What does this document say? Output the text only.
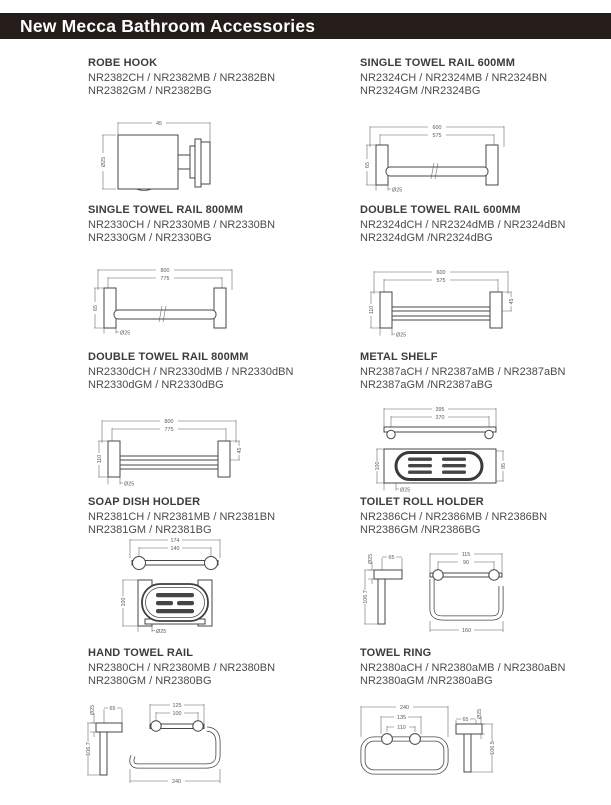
New Mecca Bathroom Accessories
ROBE HOOK
NR2382CH / NR2382MB / NR2382BN
NR2382GM / NR2382BG
45
Ø25
SINGLE TOWEL RAIL 600MM
NR2324CH / NR2324MB / NR2324BN
NR2324GM /NR2324BG
600
575
65
Ø25
SINGLE TOWEL RAIL 800MM
NR2330CH / NR2330MB / NR2330BN
NR2330GM / NR2330BG
800
775
65
Ø25
DOUBLE TOWEL RAIL 600MM
NR2324dCH / NR2324dMB / NR2324dBN
NR2324dGM /NR2324dBG
600
575
45
110
Ø25
DOUBLE TOWEL RAIL 800MM
NR2330dCH / NR2330dMB / NR2330dBN
NR2330dGM / NR2330dBG
800
775
45
110
Ø25
METAL SHELF
NR2387aCH / NR2387aMB / NR2387aBN
NR2387aGM /NR2387aBG
395
370
100	95
Ø25
SOAP DISH HOLDER
NR2381CH / NR2381MB / NR2381BN
NR2381GM / NR2381BG
174
140
100
Ø25
TOILET ROLL HOLDER
NR2386CH / NR2386MB / NR2386BN
NR2386GM /NR2386BG
Ø25	65
106.7
115
90
160
HAND TOWEL RAIL
NR2380CH / NR2380MB / NR2380BN
NR2380GM / NR2380BG
Ø25	65
106.7
125
100
240
TOWEL RING
NR2380aCH / NR2380aMB / NR2380aBN
NR2380aGM /NR2380aBG
240
135
110
65
Ø25
106.5
